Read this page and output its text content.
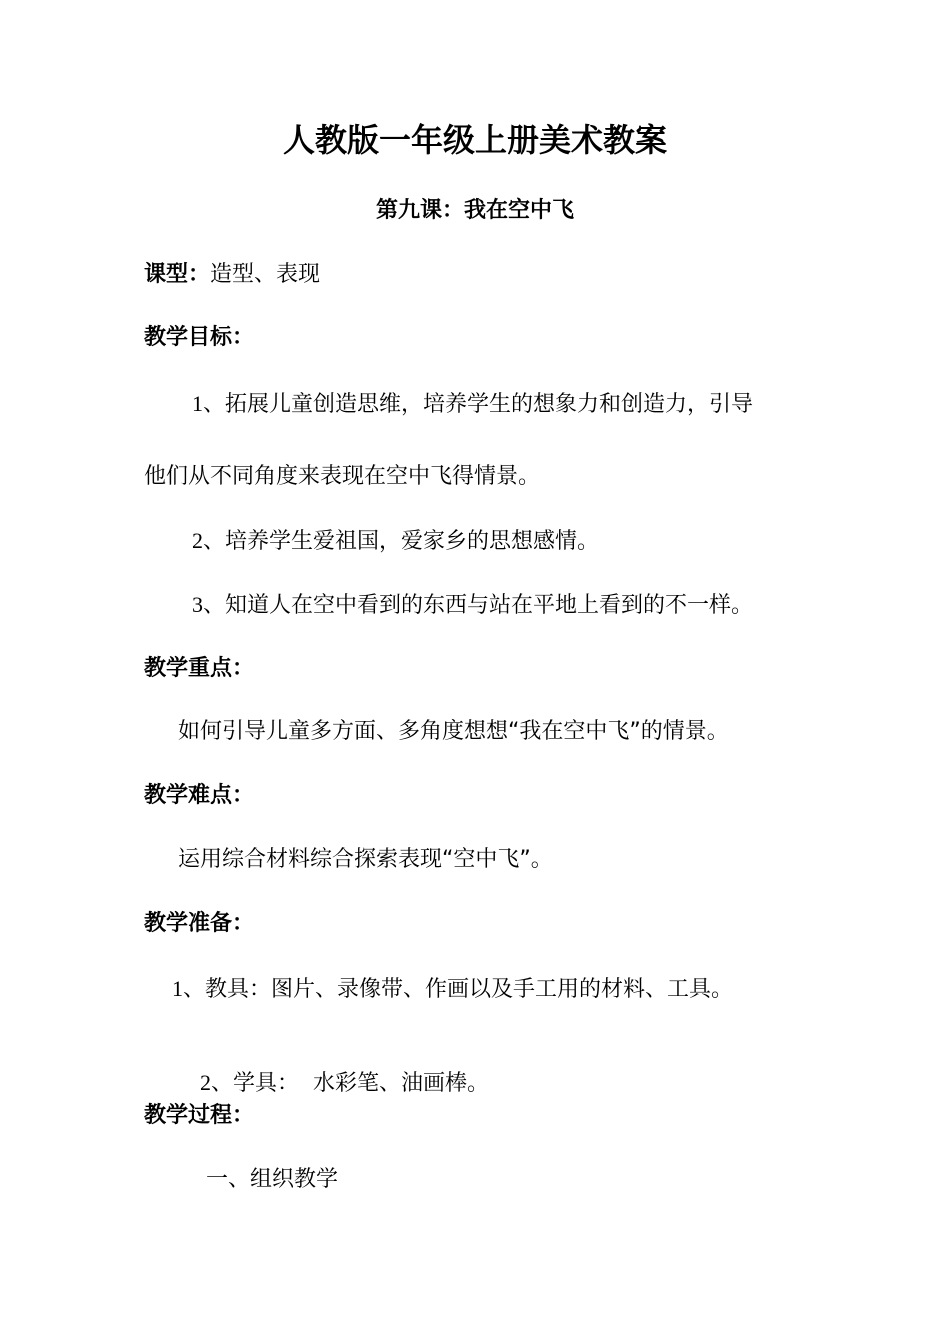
人教版一年级上册美术教案
第九课：我在空中飞
课型：造型、表现
教学目标：
1、拓展儿童创造思维，培养学生的想象力和创造力，引导
他们从不同角度来表现在空中飞得情景。
2、培养学生爱祖国，爱家乡的思想感情。
3、知道人在空中看到的东西与站在平地上看到的不一样。
教学重点：
如何引导儿童多方面、多角度想想“我在空中飞”的情景。
教学难点：
运用综合材料综合探索表现“空中飞”。
教学准备：
1、教具：图片、录像带、作画以及手工用的材料、工具。

2、学具：  水彩笔、油画棒。

教学过程：
一、组织教学
